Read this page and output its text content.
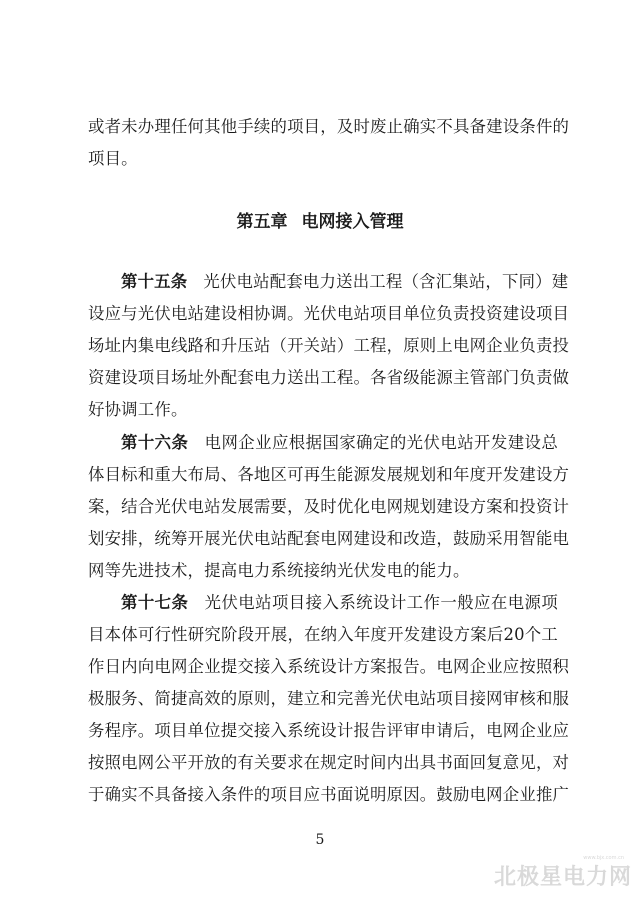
或者未办理任何其他手续的项目，及时废止确实不具备建设条件的
项目。
第五章 电网接入管理
第十五条 光伏电站配套电力送出工程（含汇集站，下同）建
设应与光伏电站建设相协调。光伏电站项目单位负责投资建设项目
场址内集电线路和升压站（开关站）工程，原则上电网企业负责投
资建设项目场址外配套电力送出工程。各省级能源主管部门负责做
好协调工作。
第十六条 电网企业应根据国家确定的光伏电站开发建设总
体目标和重大布局、各地区可再生能源发展规划和年度开发建设方
案，结合光伏电站发展需要，及时优化电网规划建设方案和投资计
划安排，统筹开展光伏电站配套电网建设和改造，鼓励采用智能电
网等先进技术，提高电力系统接纳光伏发电的能力。
第十七条 光伏电站项目接入系统设计工作一般应在电源项
目本体可行性研究阶段开展，在纳入年度开发建设方案后20个工
作日内向电网企业提交接入系统设计方案报告。电网企业应按照积
极服务、简捷高效的原则，建立和完善光伏电站项目接网审核和服
务程序。项目单位提交接入系统设计报告评审申请后，电网企业应
按照电网公平开放的有关要求在规定时间内出具书面回复意见，对
于确实不具备接入条件的项目应书面说明原因。鼓励电网企业推广
5
www.bjx.com.cn
北极星电力网
